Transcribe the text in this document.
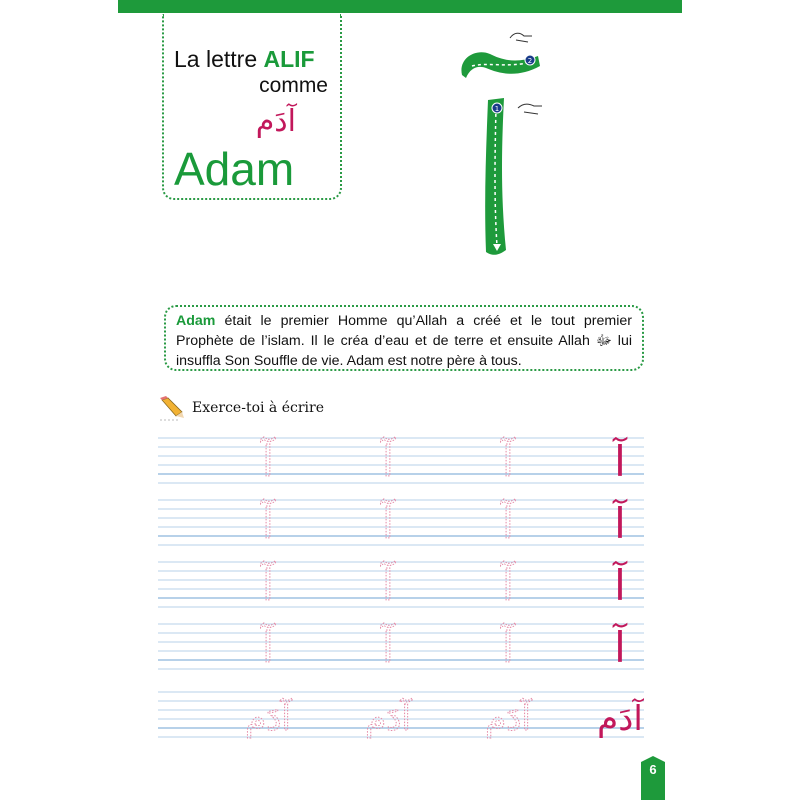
La lettre ALIF
comme
آدَم
Adam
2
1
Adam était le premier Homme qu’Allah a créé et le tout premier Prophète de l’islam. Il le créa d’eau et de terre et ensuite Allah ﷻ lui insuffla Son Souffle de vie. Adam est notre père à tous.
Exerce-toi à écrire
آ	آ	آ آ
آ	آ	آ آ
آ	آ	آ آ
آ	آ	آ آ
آدَم آدَم آدَم آدَم
6
